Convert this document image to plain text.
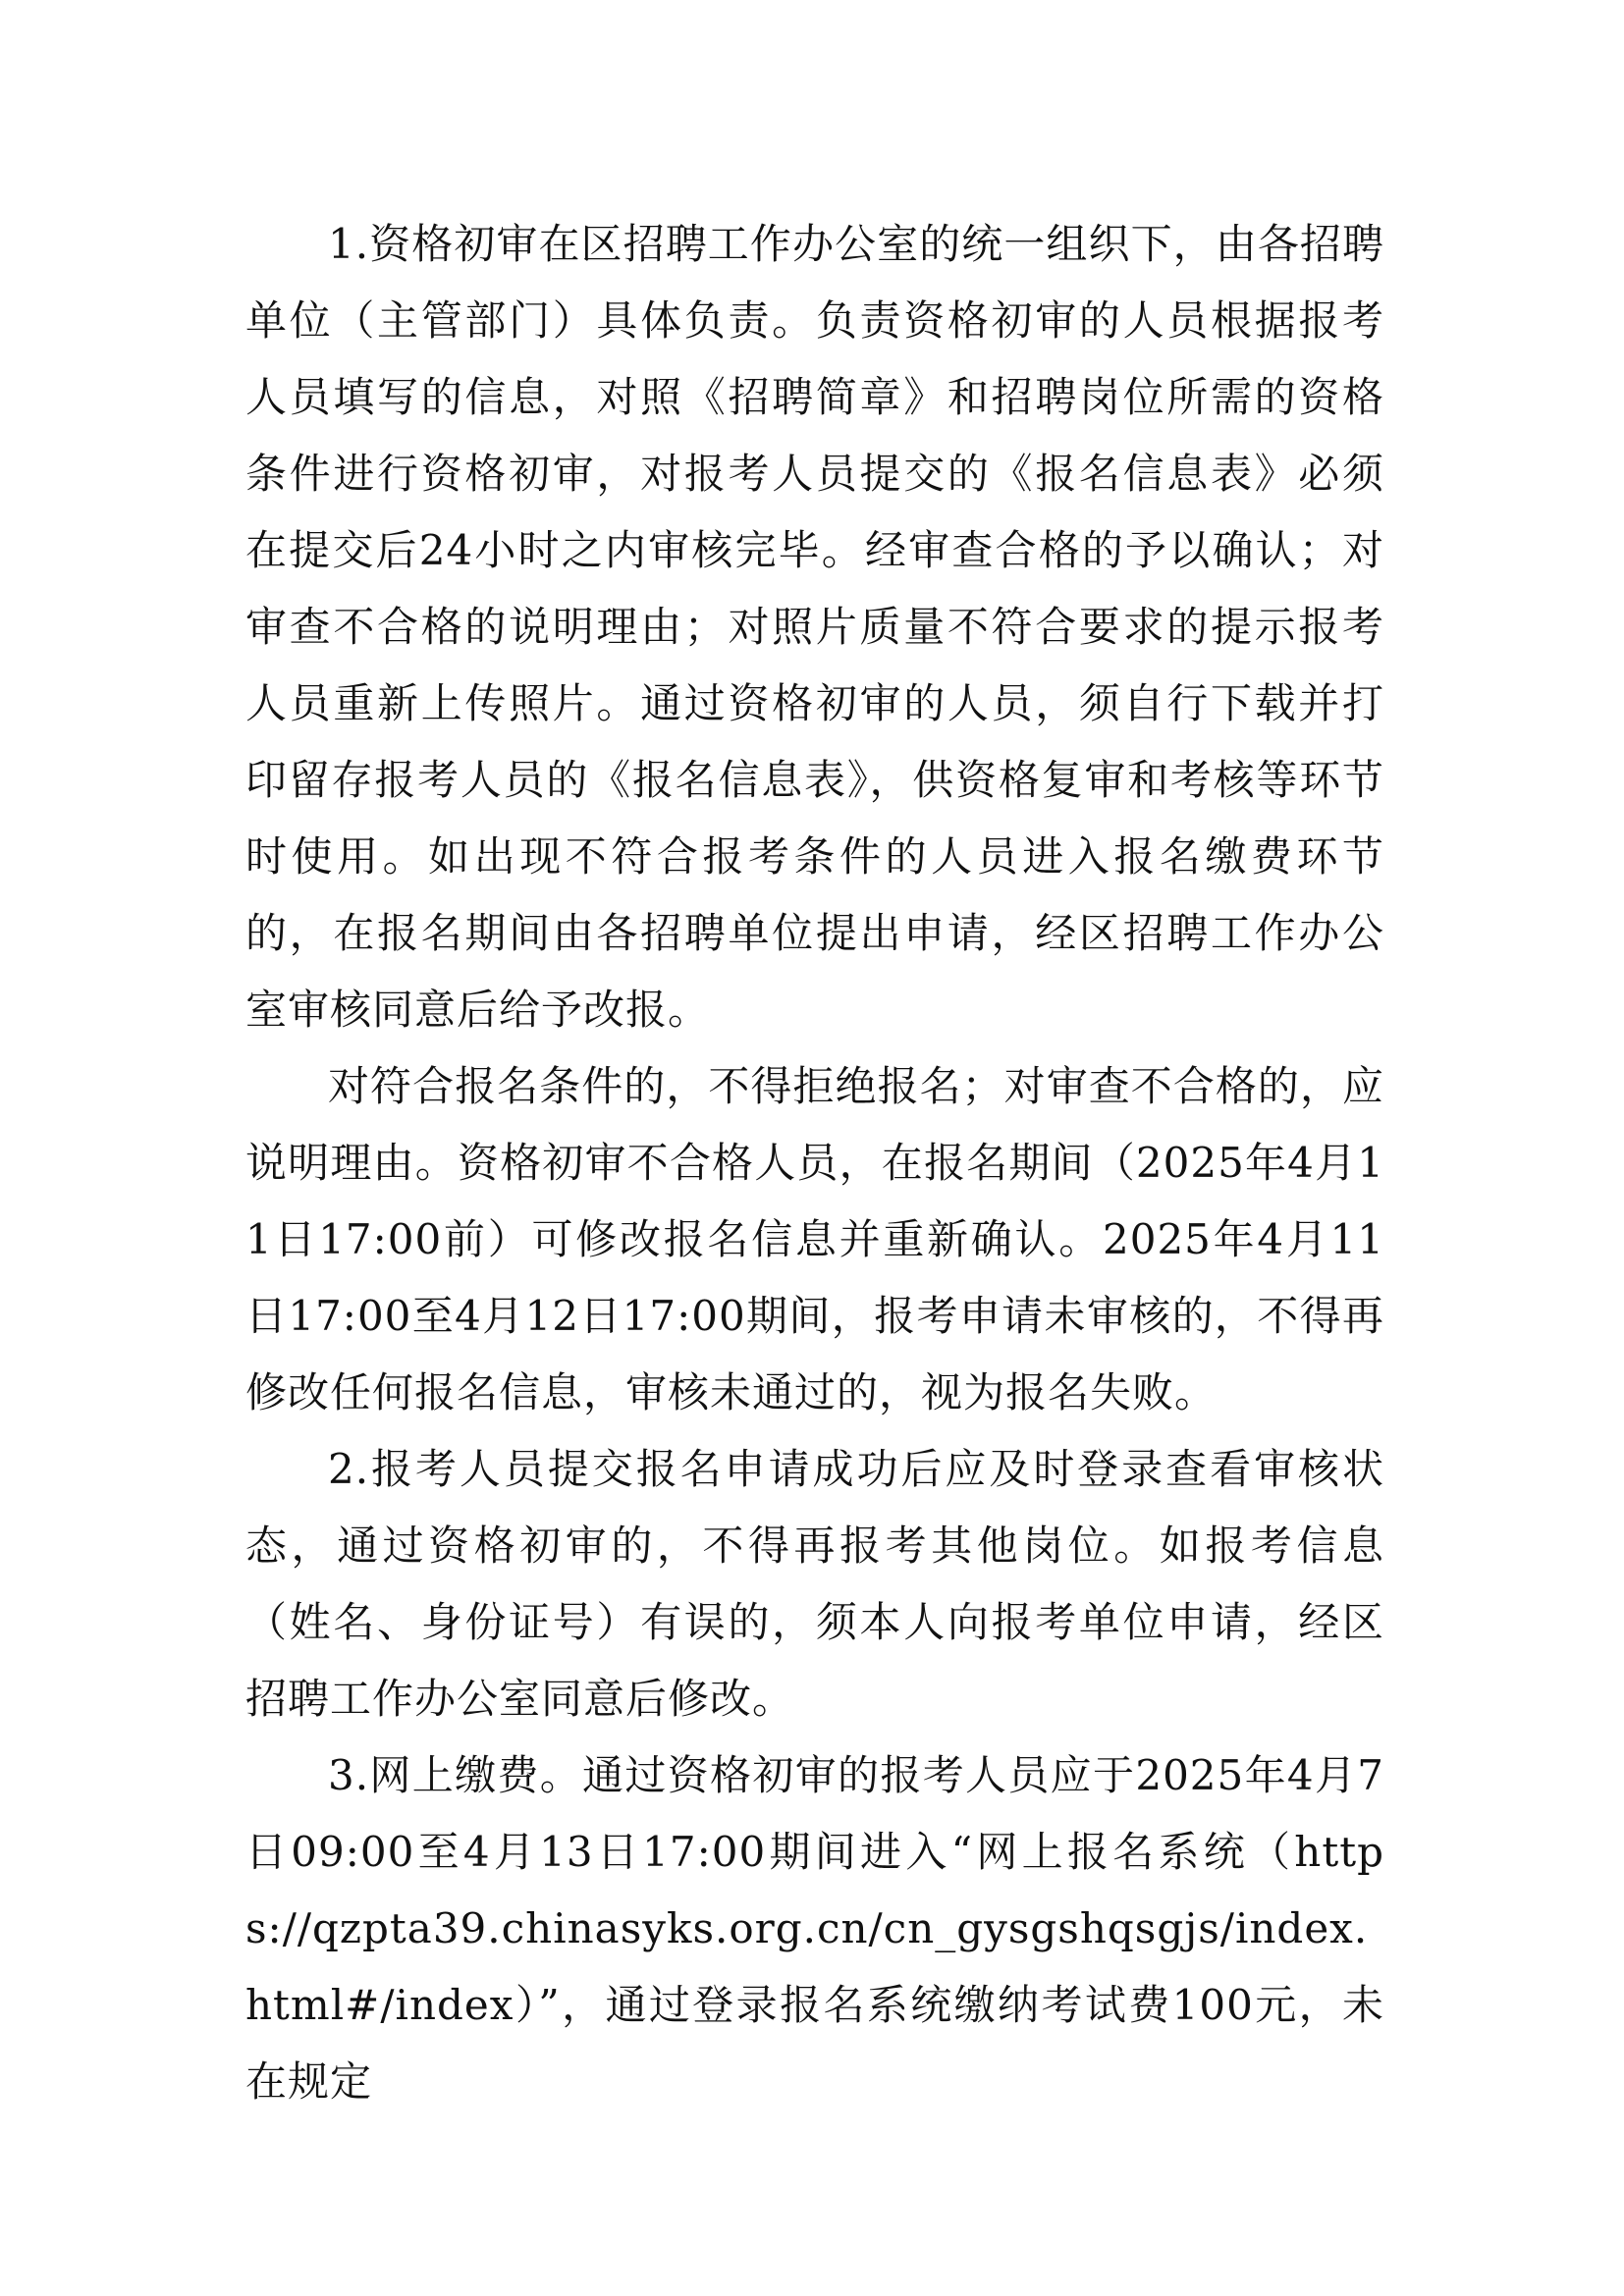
1.资格初审在区招聘工作办公室的统一组织下，由各招聘单位（主管部门）具体负责。负责资格初审的人员根据报考人员填写的信息，对照《招聘简章》和招聘岗位所需的资格条件进行资格初审，对报考人员提交的《报名信息表》必须在提交后24小时之内审核完毕。经审查合格的予以确认；对审查不合格的说明理由；对照片质量不符合要求的提示报考人员重新上传照片。通过资格初审的人员，须自行下载并打印留存报考人员的《报名信息表》，供资格复审和考核等环节时使用。如出现不符合报考条件的人员进入报名缴费环节的，在报名期间由各招聘单位提出申请，经区招聘工作办公室审核同意后给予改报。

对符合报名条件的，不得拒绝报名；对审查不合格的，应说明理由。资格初审不合格人员，在报名期间（2025年4月11日17:00前）可修改报名信息并重新确认。2025年4月11日17:00至4月12日17:00期间，报考申请未审核的，不得再修改任何报名信息，审核未通过的，视为报名失败。

2.报考人员提交报名申请成功后应及时登录查看审核状态，通过资格初审的，不得再报考其他岗位。如报考信息（姓名、身份证号）有误的，须本人向报考单位申请，经区招聘工作办公室同意后修改。

3.网上缴费。通过资格初审的报考人员应于2025年4月7日09:00至4月13日17:00期间进入“网上报名系统（https://qzpta39.chinasyks.org.cn/cn_gysgshqsgjs/index.html#/index）”，通过登录报名系统缴纳考试费100元，未在规定
